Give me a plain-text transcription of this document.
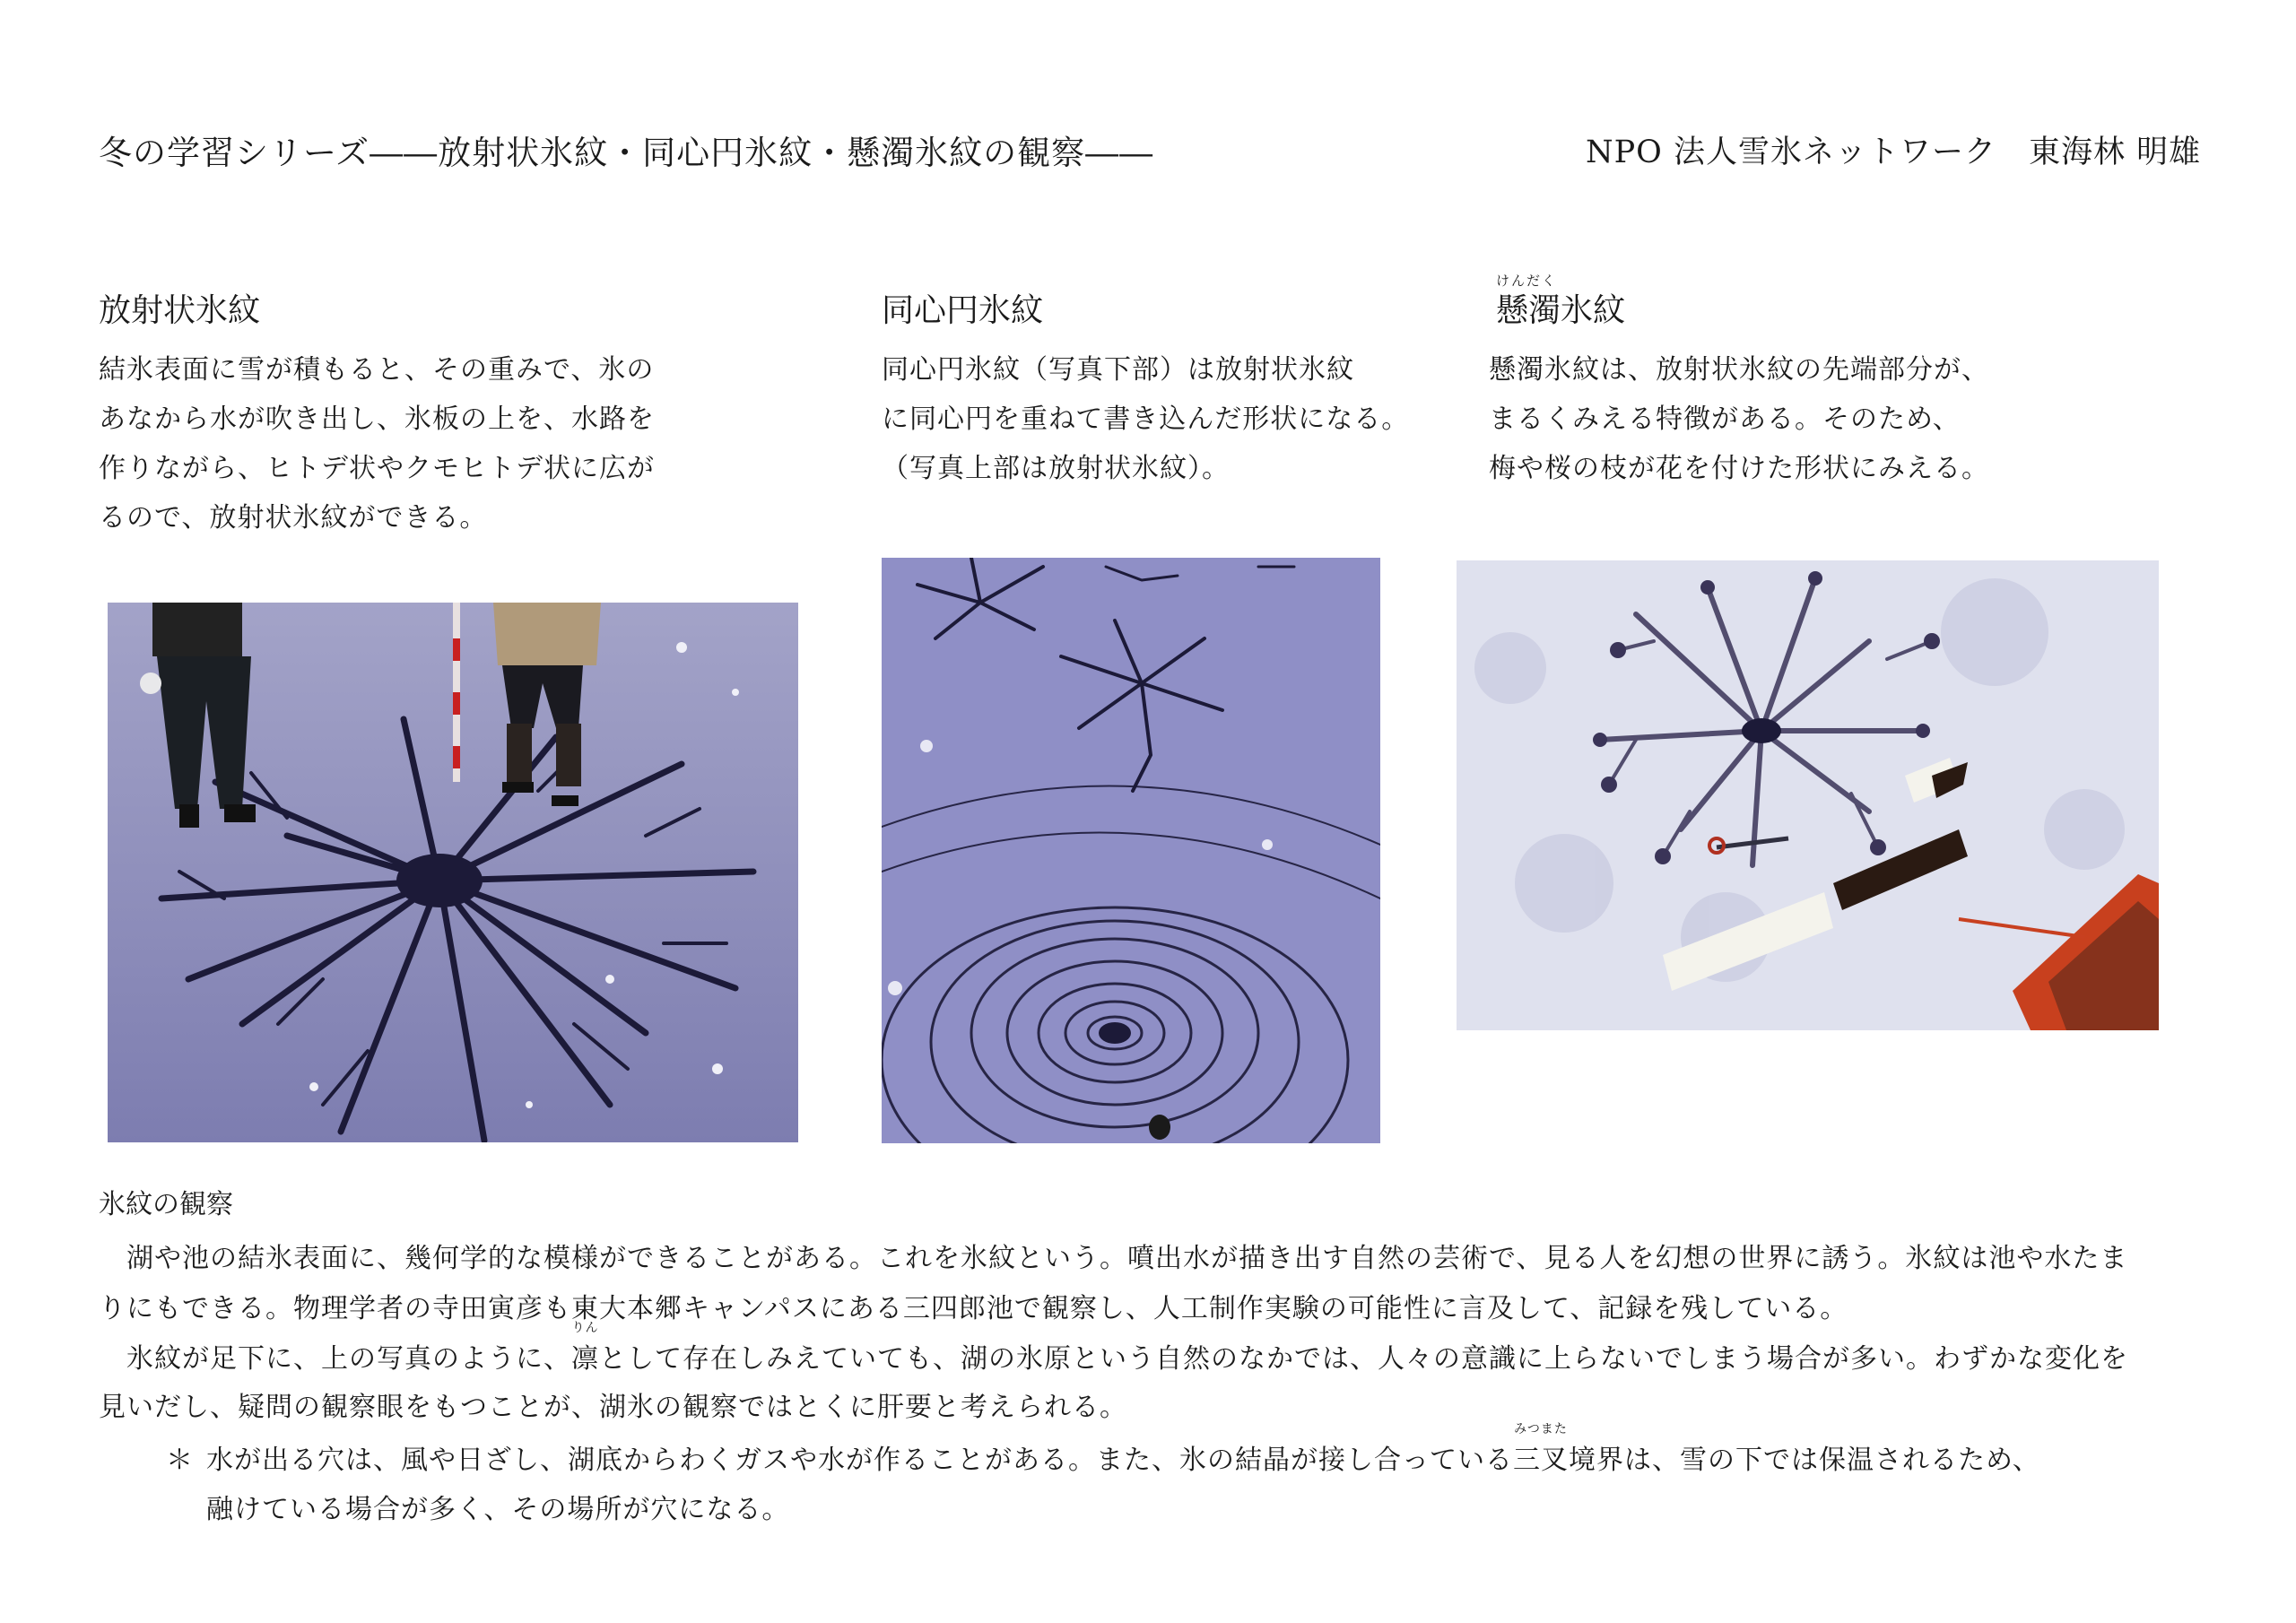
冬の学習シリーズ――放射状氷紋・同心円氷紋・懸濁氷紋の観察――	NPO 法人雪氷ネットワーク　東海林 明雄
放射状氷紋
結氷表面に雪が積もると、その重みで、氷の
あなから水が吹き出し、氷板の上を、水路を
作りながら、ヒトデ状やクモヒトデ状に広が
るので、放射状氷紋ができる。
同心円氷紋
同心円氷紋（写真下部）は放射状氷紋
に同心円を重ねて書き込んだ形状になる。
（写真上部は放射状氷紋）。
けんだく
懸濁氷紋
懸濁氷紋は、放射状氷紋の先端部分が、
まるくみえる特徴がある。そのため、
梅や桜の枝が花を付けた形状にみえる。
氷紋の観察
　湖や池の結氷表面に、幾何学的な模様ができることがある。これを氷紋という。噴出水が描き出す自然の芸術で、見る人を幻想の世界に誘う。氷紋は池や水たま
りにもできる。物理学者の寺田寅彦も東大本郷キャンパスにある三四郎池で観察し、人工制作実験の可能性に言及して、記録を残している。
　氷紋が足下に、上の写真のように、
りん
凛として存在しみえていても、湖の氷原という自然のなかでは、人々の意識に上らないでしまう場合が多い。わずかな変化を
見いだし、疑問の観察眼をもつことが、湖氷の観察ではとくに肝要と考えられる。
＊ 水が出る穴は、風や日ざし、湖底からわくガスや水が作ることがある。また、氷の結晶が接し合っている
みつまた
三叉境界は、雪の下では保温されるため、
融けている場合が多く、その場所が穴になる。
